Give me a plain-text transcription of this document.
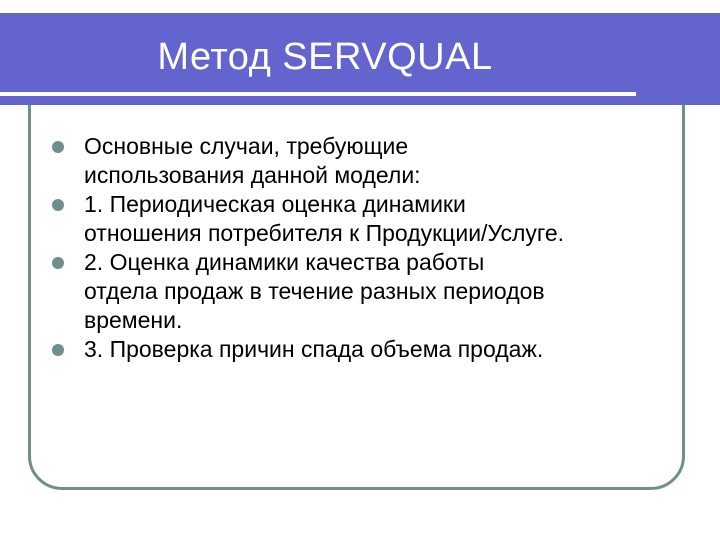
Метод SERVQUAL
Основные случаи, требующие
использования данной модели:
1. Периодическая оценка динамики
отношения потребителя к Продукции/Услуге.
2. Оценка динамики качества работы
отдела продаж в течение разных периодов
времени.
3. Проверка причин спада объема продаж.
